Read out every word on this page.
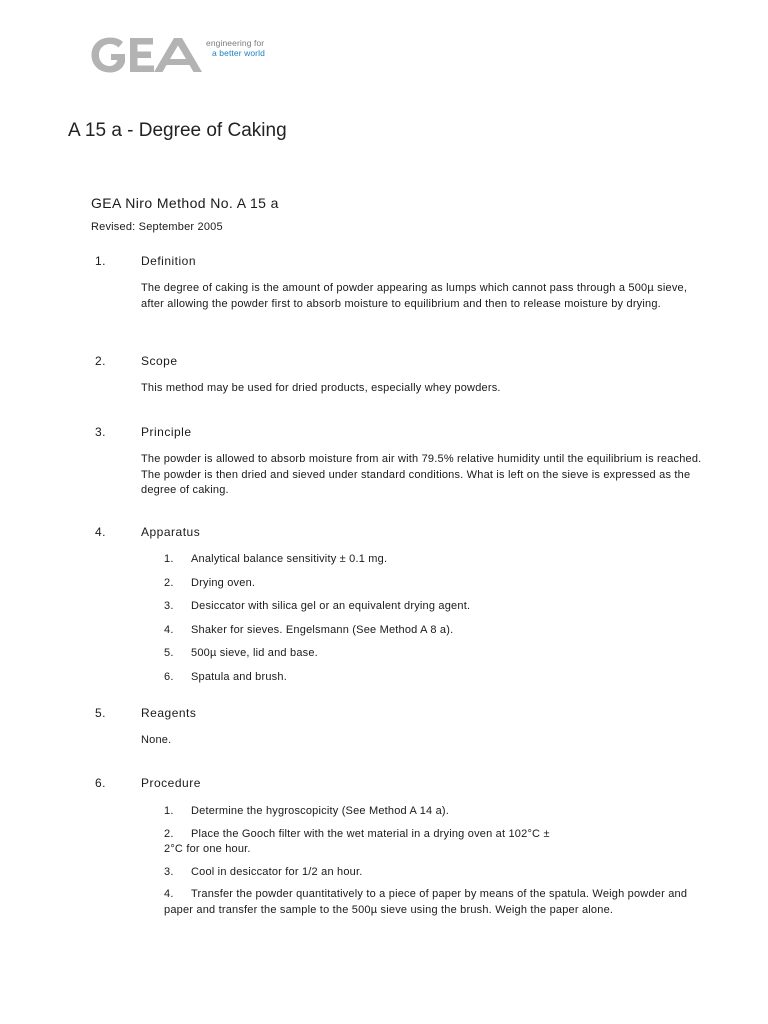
engineering for
a better world
A 15 a - Degree of Caking
GEA Niro Method No. A 15 a
Revised: September 2005
1.	Definition

The degree of caking is the amount of powder appearing as lumps which cannot pass through a 500µ sieve, after allowing the powder first to absorb moisture to equilibrium and then to release moisture by drying.

2.	Scope

This method may be used for dried products, especially whey powders.

3.	Principle

The powder is allowed to absorb moisture from air with 79.5% relative humidity until the equilibrium is reached. The powder is then dried and sieved under standard conditions. What is left on the sieve is expressed as the degree of caking.

4.	Apparatus
1. Analytical balance sensitivity ± 0.1 mg.
2. Drying oven.
3. Desiccator with silica gel or an equivalent drying agent.
4. Shaker for sieves. Engelsmann (See Method A 8 a).
5. 500µ sieve, lid and base.
6. Spatula and brush.
5.	Reagents

None.

6.	Procedure
1. Determine the hygroscopicity (See Method A 14 a).
2. Place the Gooch filter with the wet material in a drying oven at 102°C ± 2°C for one hour.
3. Cool in desiccator for 1/2 an hour.
4. Transfer the powder quantitatively to a piece of paper by means of the spatula. Weigh powder and paper and transfer the sample to the 500µ sieve using the brush. Weigh the paper alone.
